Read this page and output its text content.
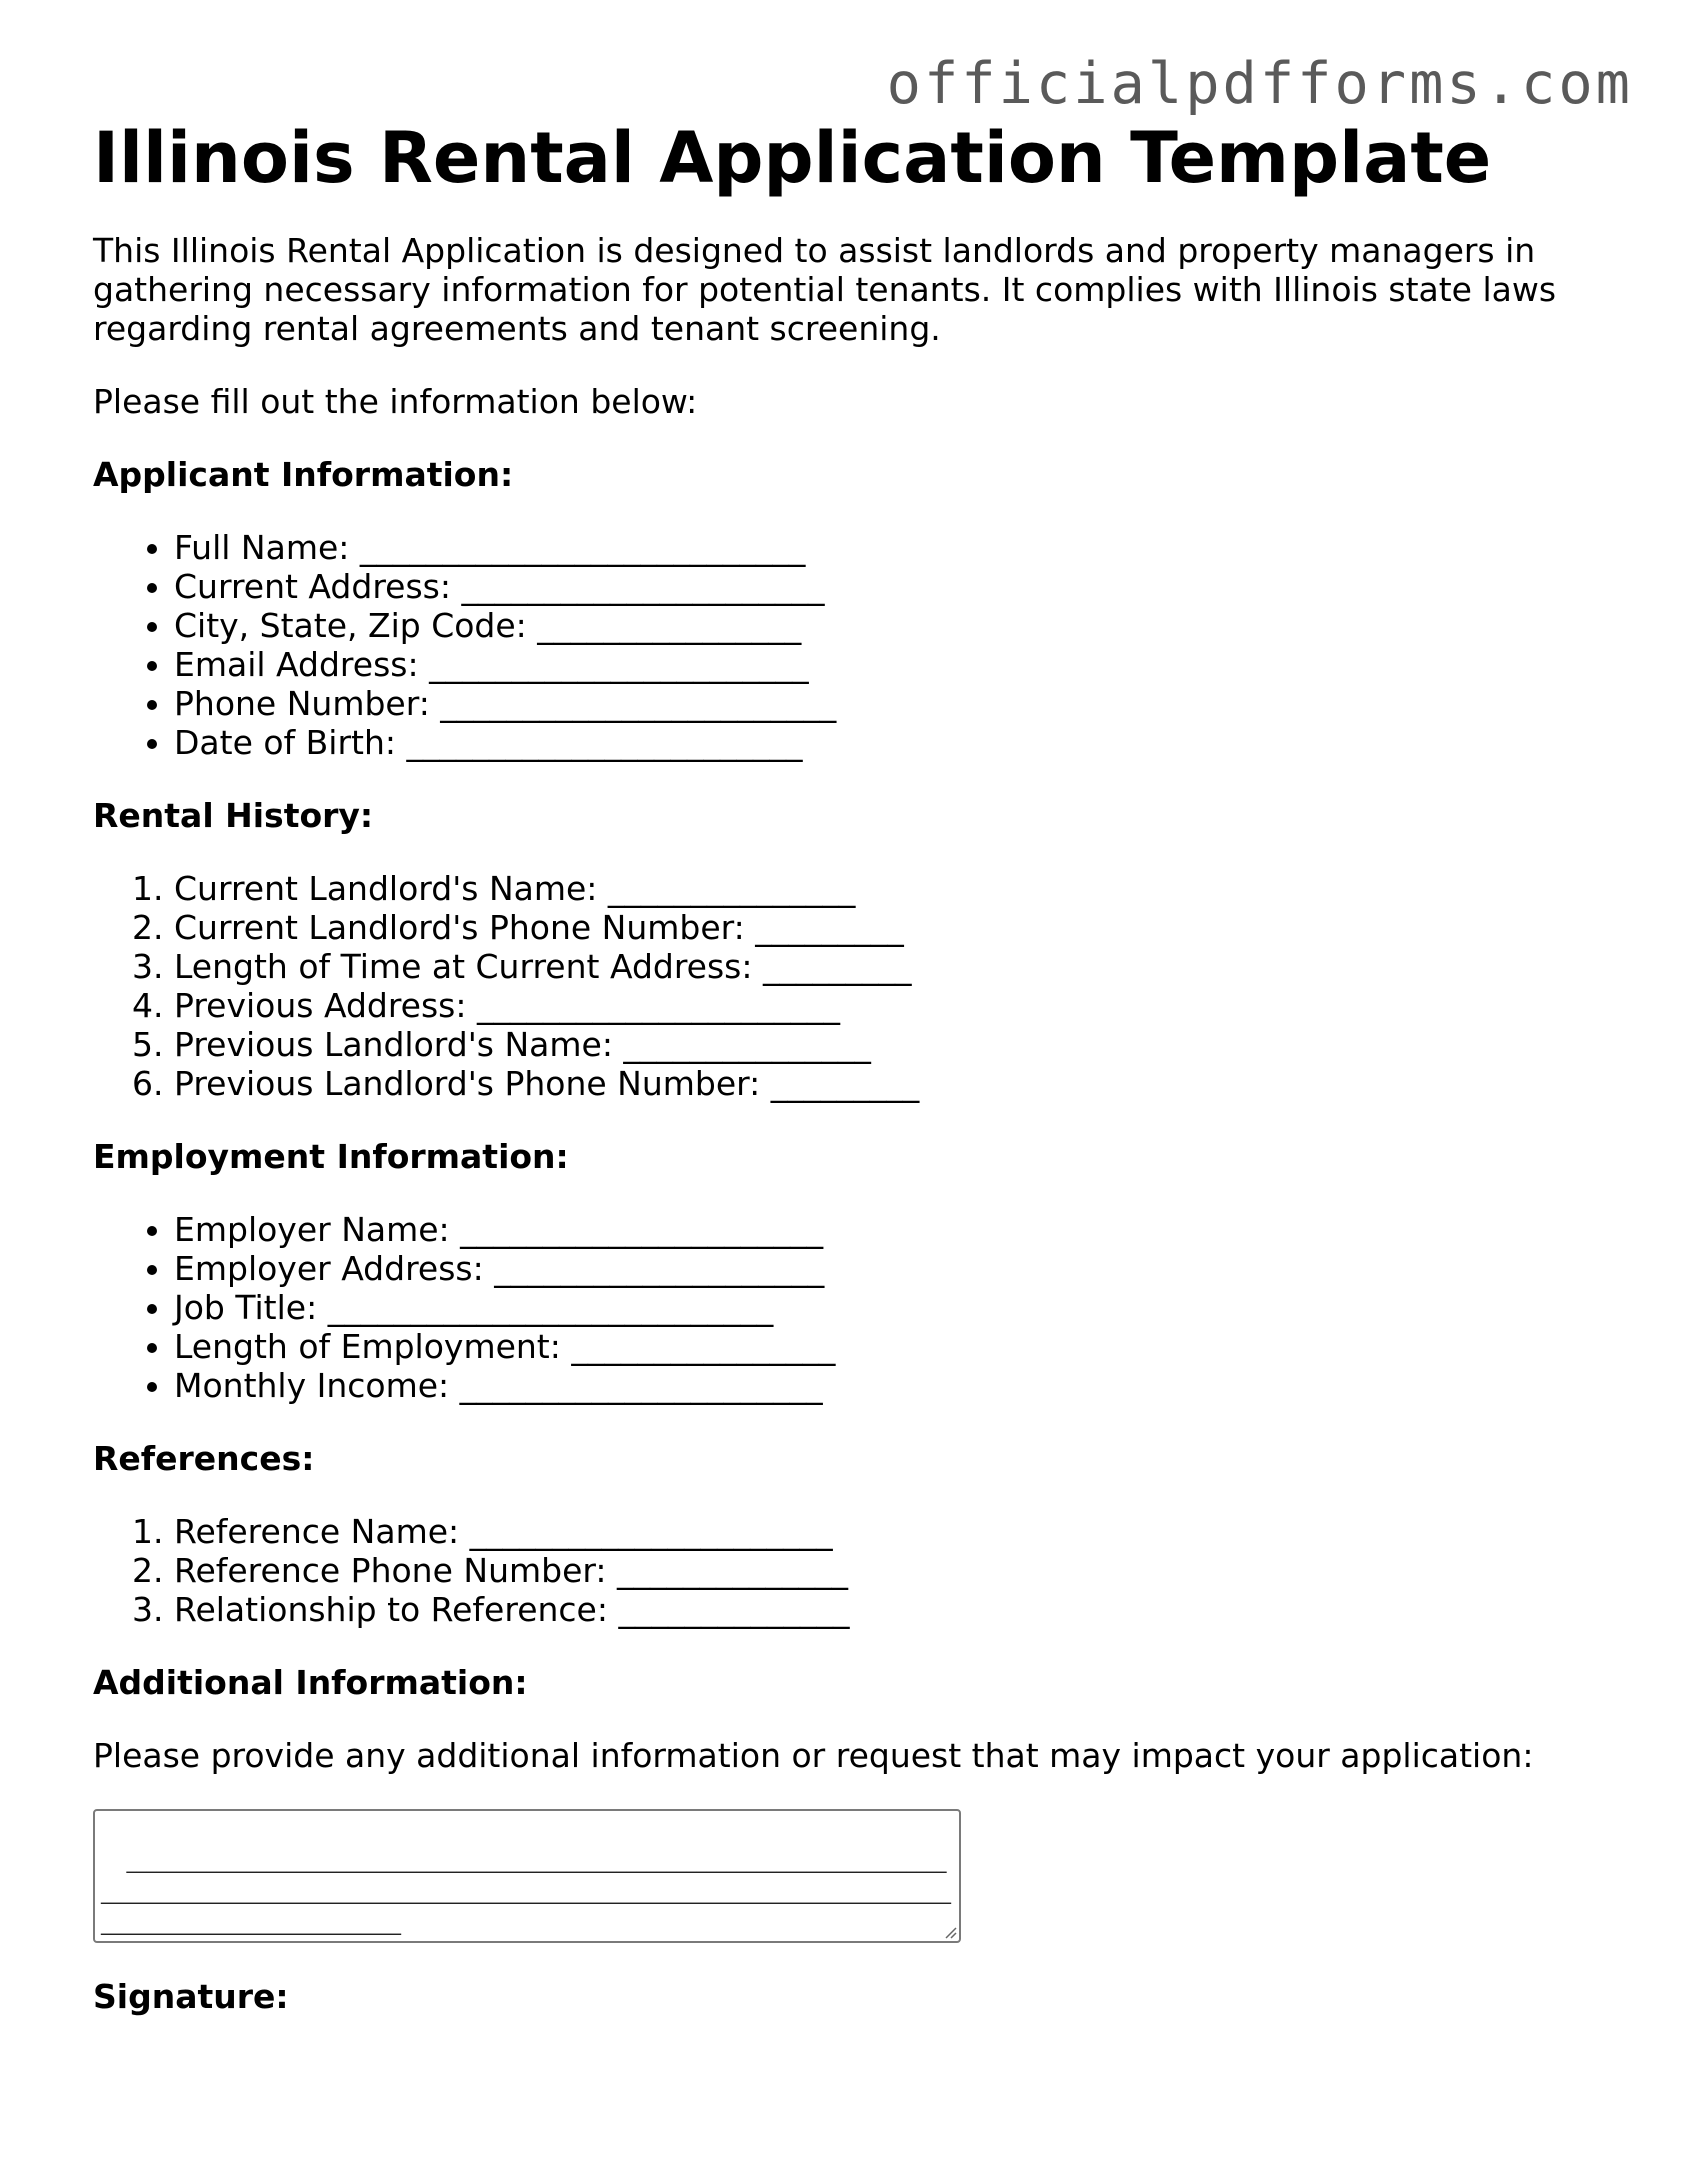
officialpdfforms.com

Illinois Rental Application Template

This Illinois Rental Application is designed to assist landlords and property managers in gathering necessary information for potential tenants. It complies with Illinois state laws regarding rental agreements and tenant screening.

Please fill out the information below:

Applicant Information:
• Full Name: ___________________________
• Current Address: ______________________
• City, State, Zip Code: ________________
• Email Address: _______________________
• Phone Number: ________________________
• Date of Birth: ________________________
Rental History:
1. Current Landlord's Name: _______________
2. Current Landlord's Phone Number: _________
3. Length of Time at Current Address: _________
4. Previous Address: ______________________
5. Previous Landlord's Name: _______________
6. Previous Landlord's Phone Number: _________
Employment Information:
• Employer Name: ______________________
• Employer Address: ____________________
• Job Title: ___________________________
• Length of Employment: ________________
• Monthly Income: ______________________
References:
1. Reference Name: ______________________
2. Reference Phone Number: ______________
3. Relationship to Reference: ______________
Additional Information:

Please provide any additional information or request that may impact your application:

_____________________________________________________________________________________________________________________________________________________________________________________________________

Signature:
